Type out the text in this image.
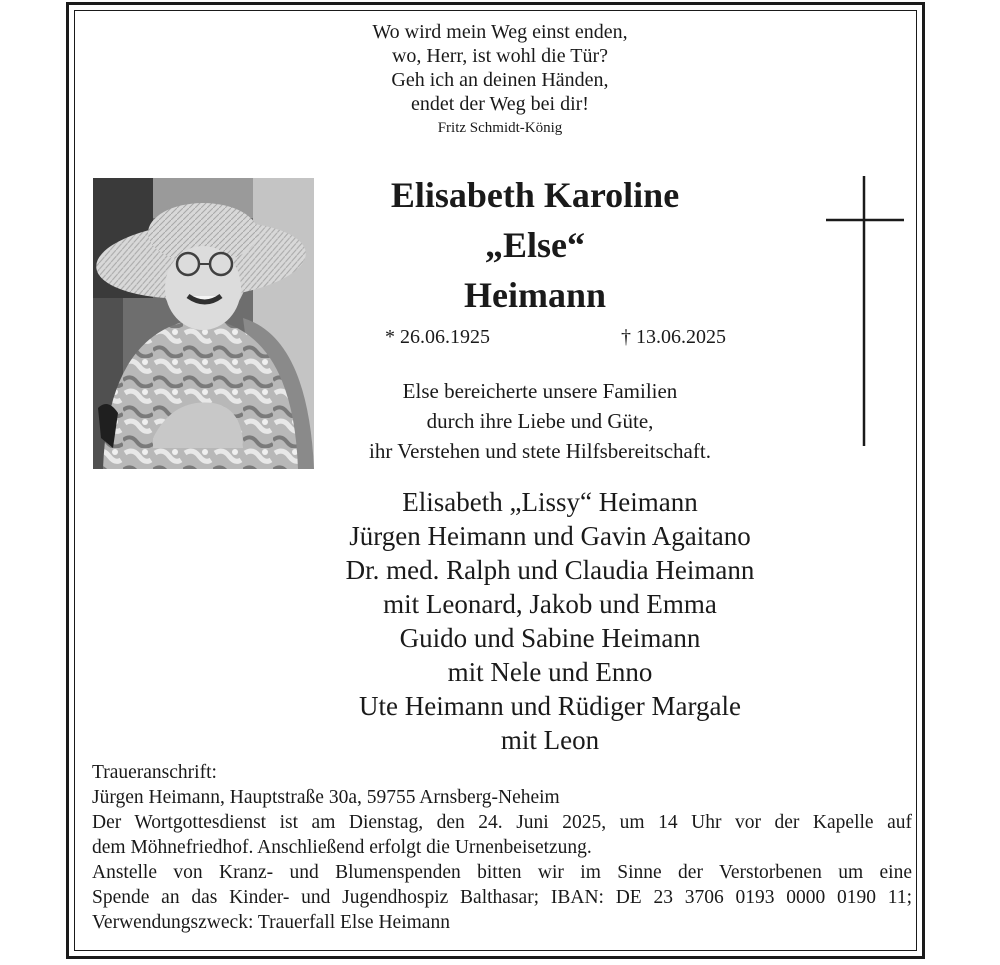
Wo wird mein Weg einst enden,
wo, Herr, ist wohl die Tür?
Geh ich an deinen Händen,
endet der Weg bei dir!
Fritz Schmidt-König
Elisabeth Karoline
„Else“
Heimann
* 26.06.1925	† 13.06.2025
Else bereicherte unsere Familien
durch ihre Liebe und Güte,
ihr Verstehen und stete Hilfsbereitschaft.
Elisabeth „Lissy“ Heimann
Jürgen Heimann und Gavin Agaitano
Dr. med. Ralph und Claudia Heimann
mit Leonard, Jakob und Emma
Guido und Sabine Heimann
mit Nele und Enno
Ute Heimann und Rüdiger Margale
mit Leon
Traueranschrift:
Jürgen Heimann, Hauptstraße 30a, 59755 Arnsberg-Neheim
Der Wortgottesdienst ist am Dienstag, den 24. Juni 2025, um 14 Uhr vor der Kapelle auf
dem Möhnefriedhof. Anschließend erfolgt die Urnenbeisetzung.
Anstelle von Kranz- und Blumenspenden bitten wir im Sinne der Verstorbenen um eine
Spende an das Kinder- und Jugendhospiz Balthasar; IBAN: DE 23 3706 0193 0000 0190 11;
Verwendungszweck: Trauerfall Else Heimann
